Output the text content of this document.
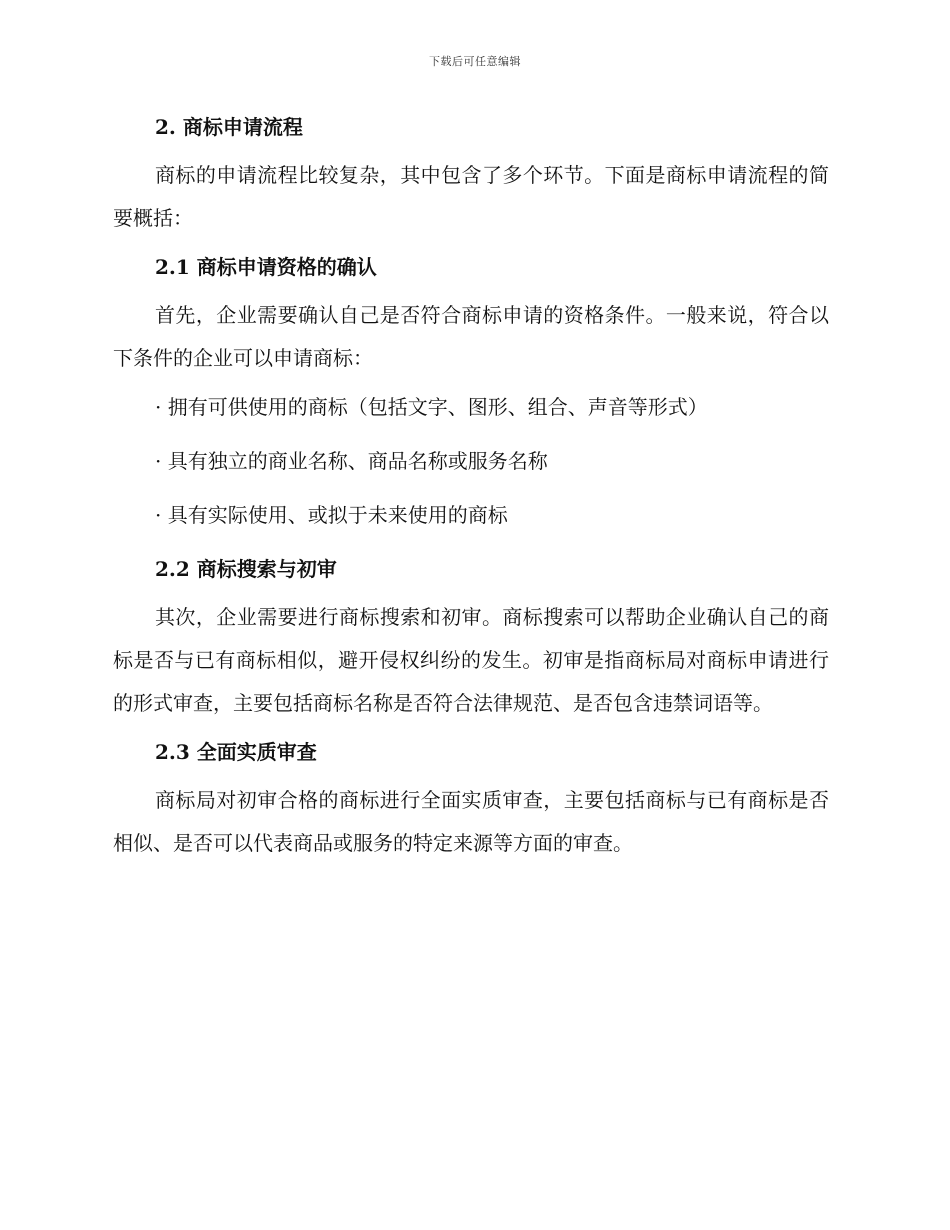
下载后可任意编辑
2. 商标申请流程
商标的申请流程比较复杂，其中包含了多个环节。下面是商标申请流程的简要概括：
2.1 商标申请资格的确认
首先，企业需要确认自己是否符合商标申请的资格条件。一般来说，符合以下条件的企业可以申请商标：
· 拥有可供使用的商标（包括文字、图形、组合、声音等形式）
· 具有独立的商业名称、商品名称或服务名称
· 具有实际使用、或拟于未来使用的商标
2.2 商标搜索与初审
其次，企业需要进行商标搜索和初审。商标搜索可以帮助企业确认自己的商标是否与已有商标相似，避开侵权纠纷的发生。初审是指商标局对商标申请进行的形式审查，主要包括商标名称是否符合法律规范、是否包含违禁词语等。
2.3 全面实质审查
商标局对初审合格的商标进行全面实质审查，主要包括商标与已有商标是否相似、是否可以代表商品或服务的特定来源等方面的审查。
